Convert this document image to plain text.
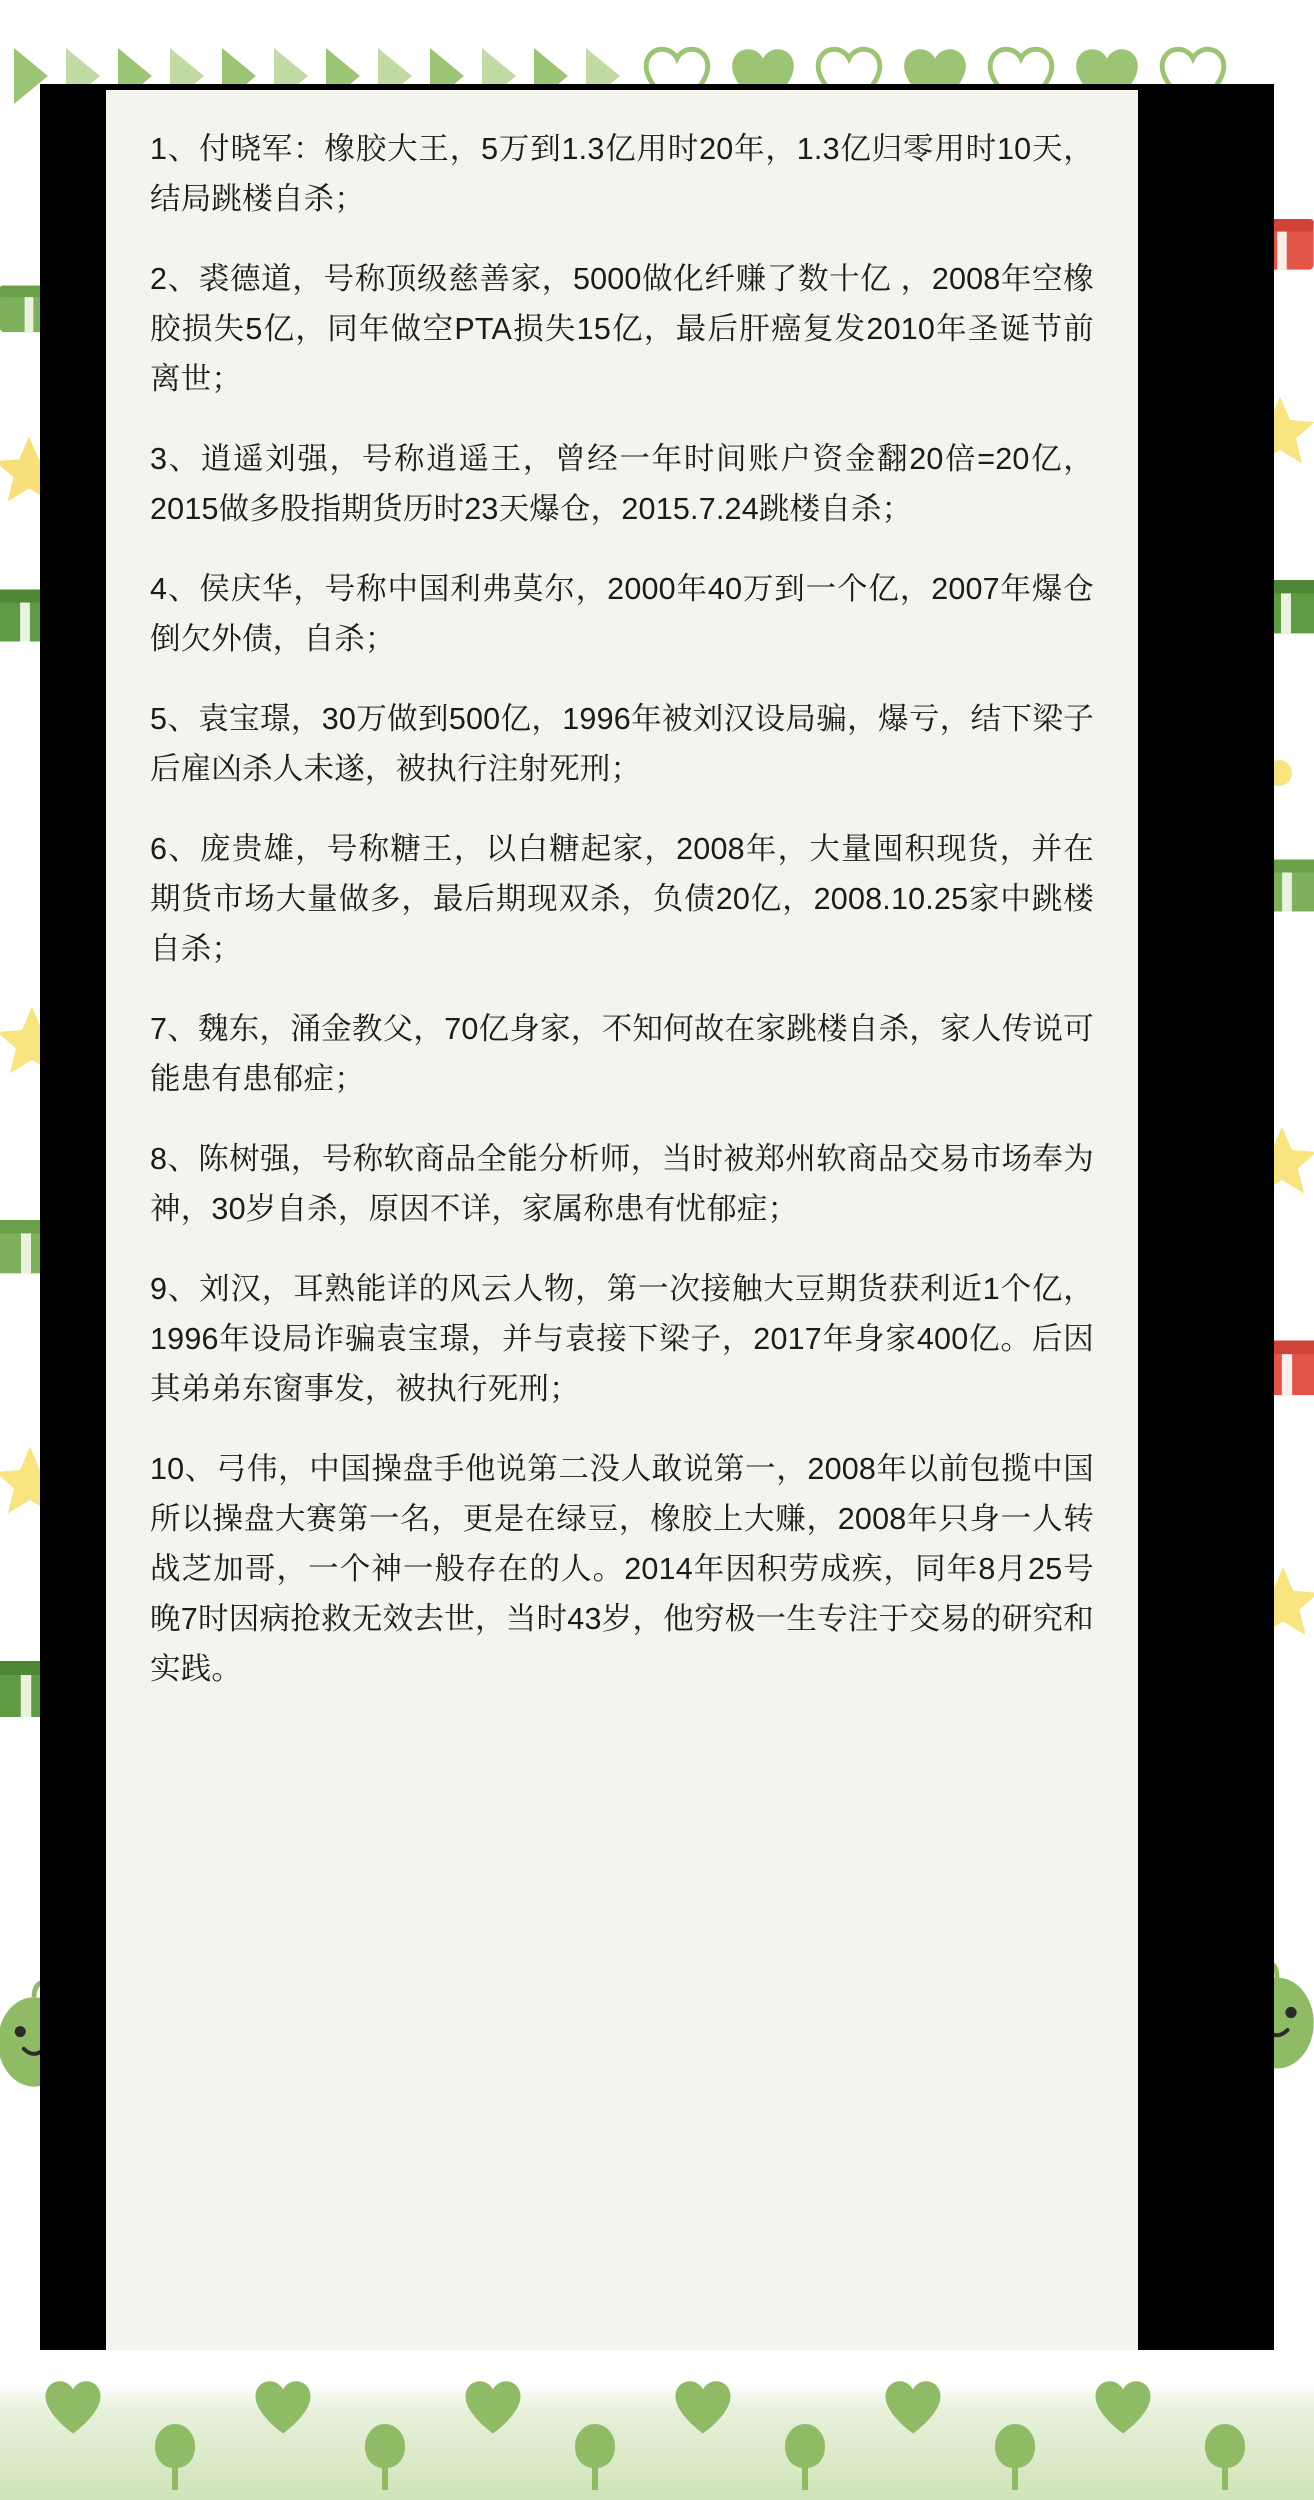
1、付晓军：橡胶大王，5万到1.3亿用时20年，1.3亿归零用时10天，结局跳楼自杀；

2、裘德道，号称顶级慈善家，5000做化纤赚了数十亿 ，2008年空橡胶损失5亿，同年做空PTA损失15亿，最后肝癌复发2010年圣诞节前离世；

3、逍遥刘强，号称逍遥王，曾经一年时间账户资金翻20倍=20亿，2015做多股指期货历时23天爆仓，2015.7.24跳楼自杀；

4、侯庆华，号称中国利弗莫尔，2000年40万到一个亿，2007年爆仓倒欠外债，自杀；

5、袁宝璟，30万做到500亿，1996年被刘汉设局骗，爆亏，结下梁子后雇凶杀人未遂，被执行注射死刑；

6、庞贵雄，号称糖王，以白糖起家，2008年，大量囤积现货，并在期货市场大量做多，最后期现双杀，负债20亿，2008.10.25家中跳楼自杀；

7、魏东，涌金教父，70亿身家，不知何故在家跳楼自杀，家人传说可能患有患郁症；

8、陈树强，号称软商品全能分析师，当时被郑州软商品交易市场奉为神，30岁自杀，原因不详，家属称患有忧郁症；

9、刘汉，耳熟能详的风云人物，第一次接触大豆期货获利近1个亿，1996年设局诈骗袁宝璟，并与袁接下梁子，2017年身家400亿。后因其弟弟东窗事发，被执行死刑；

10、弓伟，中国操盘手他说第二没人敢说第一，2008年以前包揽中国所以操盘大赛第一名，更是在绿豆，橡胶上大赚，2008年只身一人转战芝加哥，一个神一般存在的人。2014年因积劳成疾，同年8月25号晚7时因病抢救无效去世，当时43岁，他穷极一生专注于交易的研究和实践。
